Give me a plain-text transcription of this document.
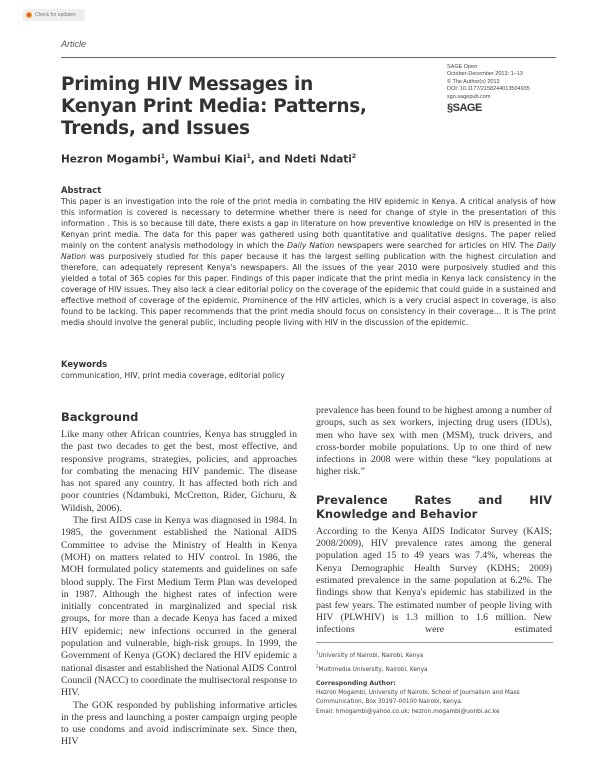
Check for updates
Article
Priming HIV Messages in Kenyan Print Media: Patterns, Trends, and Issues
SAGE Open
October-December 2013: 1–13
© The Author(s) 2013
DOI: 10.1177/2158244013504935
sgo.sagepub.com
§SAGE
Hezron Mogambi$^1$, Wambui Kiai$^1$, and Ndeti Ndati$^2$
Abstract
This paper is an investigation into the role of the print media in combating the HIV epidemic in Kenya. A critical analysis of how this information is covered is necessary to determine whether there is need for change of style in the presentation of this information . This is so because till date, there exists a gap in literature on how preventive knowledge on HIV is presented in the Kenyan print media. The data for this paper was gathered using both quantitative and qualitative designs. The paper relied mainly on the content analysis methodology in which the Daily Nation newspapers were searched for articles on HIV. The Daily Nation was purposively studied for this paper because it has the largest selling publication with the highest circulation and therefore, can adequately represent Kenya's newspapers. All the issues of the year 2010 were purposively studied and this yielded a total of 365 copies for this paper. Findings of this paper indicate that the print media in Kenya lack consistency in the coverage of HIV issues. They also lack a clear editorial policy on the coverage of the epidemic that could guide in a sustained and effective method of coverage of the epidemic. Prominence of the HIV articles, which is a very crucial aspect in coverage, is also found to be lacking. This paper recommends that the print media should focus on consistency in their coverage… It is The print media should involve the general public, including people living with HIV in the discussion of the epidemic.
Keywords
communication, HIV, print media coverage, editorial policy
Background

Like many other African countries, Kenya has struggled in the past two decades to get the best, most effective, and responsive programs, strategies, policies, and approaches for combating the menacing HIV pandemic. The disease has not spared any country. It has affected both rich and poor countries (Ndambuki, McCretton, Rider, Gichuru, & Wildish, 2006).

The first AIDS case in Kenya was diagnosed in 1984. In 1985, the government established the National AIDS Committee to advise the Ministry of Health in Kenya (MOH) on matters related to HIV control. In 1986, the MOH formulated policy statements and guidelines on safe blood supply. The First Medium Term Plan was developed in 1987. Although the highest rates of infection were initially concentrated in marginalized and special risk groups, for more than a decade Kenya has faced a mixed HIV epidemic; new infections occurred in the general population and vulnerable, high-risk groups. In 1999, the Government of Kenya (GOK) declared the HIV epidemic a national disaster and established the National AIDS Control Council (NACC) to coordinate the multisectoral response to HIV.

The GOK responded by publishing informative articles in the press and launching a poster campaign urging people to use condoms and avoid indiscriminate sex. Since then, HIV

prevalence has been found to be highest among a number of groups, such as sex workers, injecting drug users (IDUs), men who have sex with men (MSM), truck drivers, and cross-border mobile populations. Up to one third of new infections in 2008 were within these “key populations at higher risk.”

Prevalence Rates and HIV Knowledge and Behavior

According to the Kenya AIDS Indicator Survey (KAIS; 2008/2009), HIV prevalence rates among the general population aged 15 to 49 years was 7.4%, whereas the Kenya Demographic Health Survey (KDHS; 2009) estimated prevalence in the same population at 6.2%. The findings show that Kenya's epidemic has stabilized in the past few years. The estimated number of people living with HIV (PLWHIV) is 1.3 million to 1.6 million. New infections were estimated

$^1$University of Nairobi, Nairobi, Kenya
$^2$Multimedia University, Nairobi, Kenya
Corresponding Author:
Hezron Mogambi, University of Nairobi, School of Journalism and Mass Communication, Box 30197-00100 Nairobi, Kenya.
Email: hmogambi@yahoo.co.uk; hezron.mogambi@uonbi.ac.ke
